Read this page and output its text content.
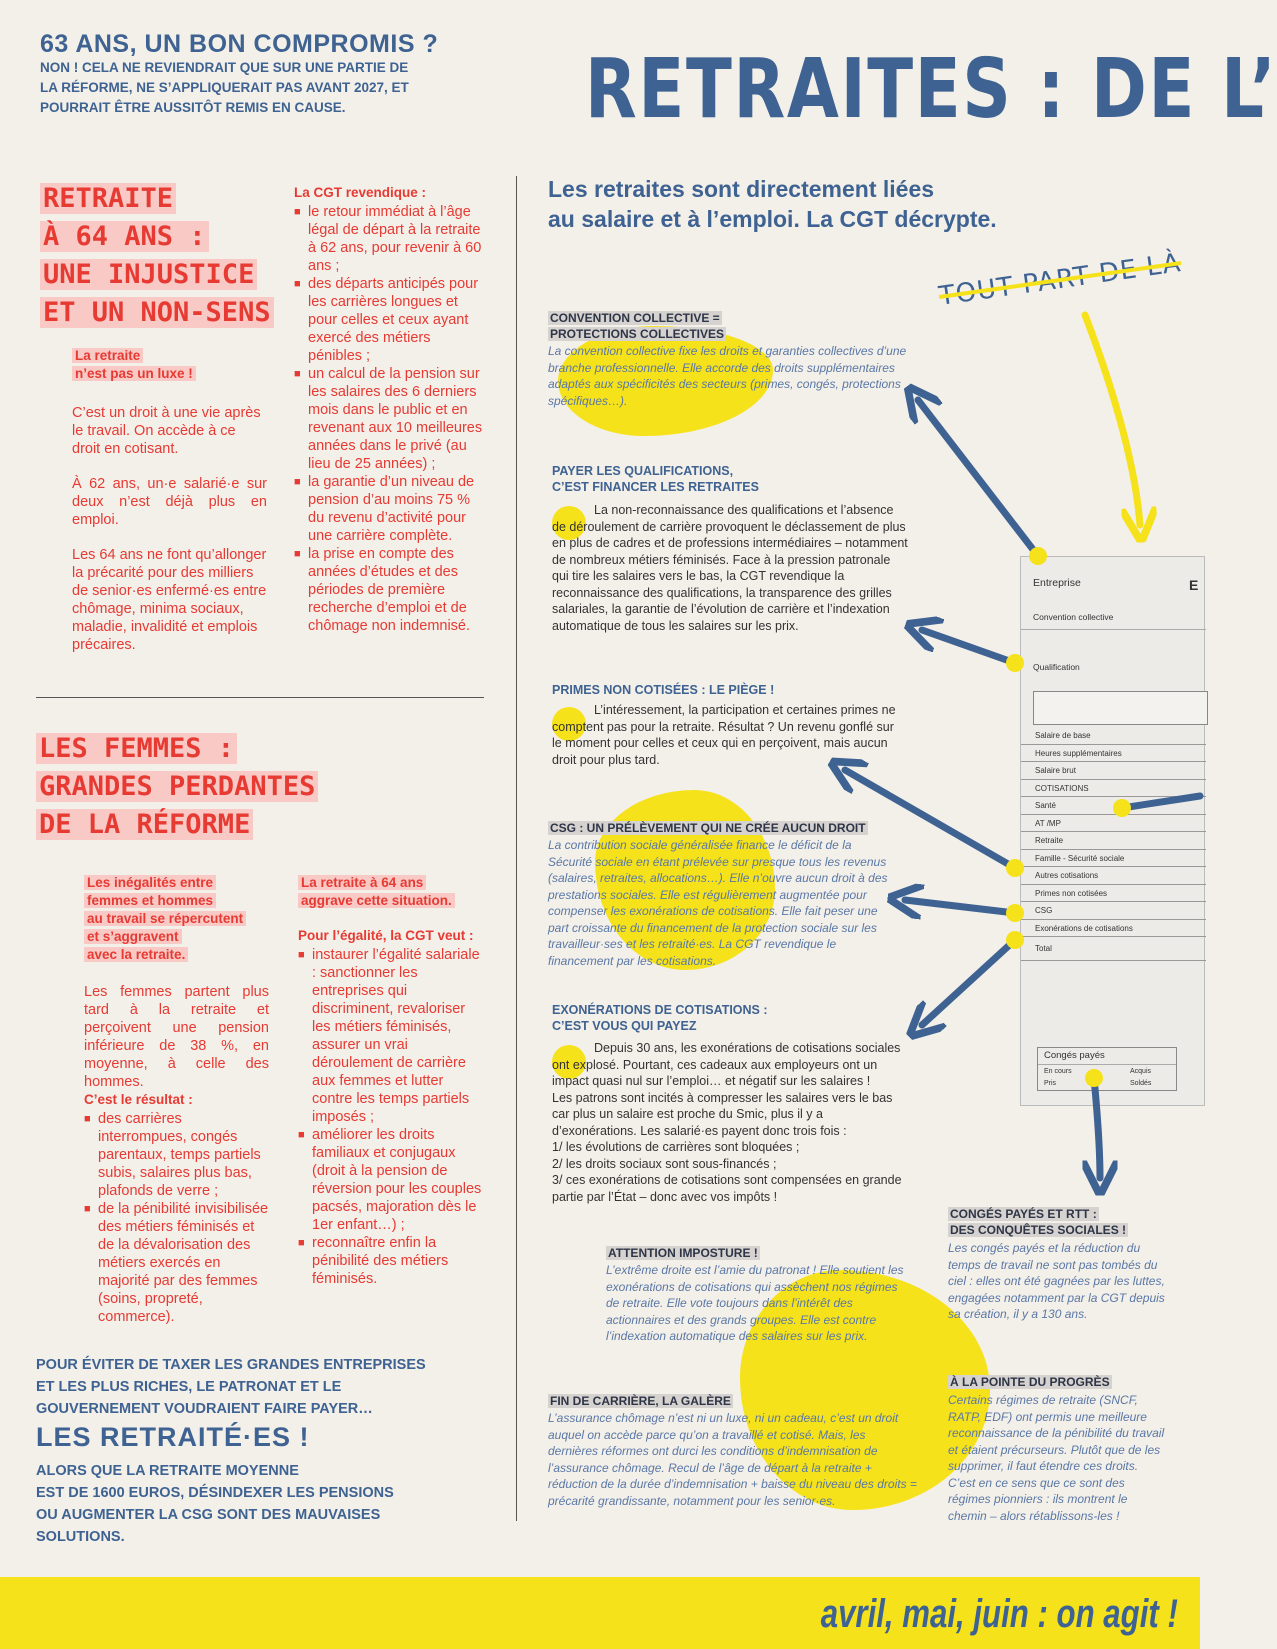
63 ANS, UN BON COMPROMIS ?

NON ! CELA NE REVIENDRAIT QUE SUR UNE PARTIE DE
LA RÉFORME, NE S’APPLIQUERAIT PAS AVANT 2027, ET
POURRAIT ÊTRE AUSSITÔT REMIS EN CAUSE.	RETRAITES : DE L’

RETRAITE
À 64 ANS :
UNE INJUSTICE
ET UN NON-SENS

La retraite
n’est pas un luxe !

C’est un droit à une vie après le travail. On accède à ce droit en cotisant.

À 62 ans, un·e salarié·e sur deux n’est déjà plus en emploi.

Les 64 ans ne font qu’allonger la précarité pour des milliers de senior·es enfermé·es entre chômage, minima sociaux, maladie, invalidité et emplois précaires.

La CGT revendique :
■ le retour immédiat à l’âge légal de départ à la retraite à 62 ans, pour revenir à 60 ans ;
■ des départs anticipés pour les carrières longues et pour celles et ceux ayant exercé des métiers pénibles ;
■ un calcul de la pension sur les salaires des 6 derniers mois dans le public et en revenant aux 10 meilleures années dans le privé (au lieu de 25 années) ;
■ la garantie d’un niveau de pension d’au moins 75 % du revenu d’activité pour une carrière complète.
■ la prise en compte des années d’études et des périodes de première recherche d’emploi et de chômage non indemnisé.

LES FEMMES :
GRANDES PERDANTES
DE LA RÉFORME

Les inégalités entre
femmes et hommes
au travail se répercutent
et s’aggravent
avec la retraite.

Les femmes partent plus tard à la retraite et perçoivent une pension inférieure de 38 %, en moyenne, à celle des hommes.

C’est le résultat :
■ des carrières interrompues, congés parentaux, temps partiels subis, salaires plus bas, plafonds de verre ;
■ de la pénibilité invisibilisée des métiers féminisés et de la dévalorisation des métiers exercés en majorité par des femmes (soins, propreté, commerce).

La retraite à 64 ans
aggrave cette situation.

Pour l’égalité, la CGT veut :
■ instaurer l’égalité salariale : sanctionner les entreprises qui discriminent, revaloriser les métiers féminisés, assurer un vrai déroulement de carrière aux femmes et lutter contre les temps partiels imposés ;
■ améliorer les droits familiaux et conjugaux (droit à la pension de réversion pour les couples pacsés, majoration dès le 1er enfant…) ;
■ reconnaître enfin la pénibilité des métiers féminisés.

POUR ÉVITER DE TAXER LES GRANDES ENTREPRISES
ET LES PLUS RICHES, LE PATRONAT ET LE
GOUVERNEMENT VOUDRAIENT FAIRE PAYER…

LES RETRAITÉ·ES !

ALORS QUE LA RETRAITE MOYENNE
EST DE 1600 EUROS, DÉSINDEXER LES PENSIONS
OU AUGMENTER LA CSG SONT DES MAUVAISES
SOLUTIONS.

Les retraites sont directement liées
au salaire et à l’emploi. La CGT décrypte.

TOUT PART DE LÀ

CONVENTION COLLECTIVE =
PROTECTIONS COLLECTIVES

La convention collective fixe les droits et garanties collectives d’une branche professionnelle. Elle accorde des droits supplémentaires adaptés aux spécificités des secteurs (primes, congés, protections spécifiques…).

PAYER LES QUALIFICATIONS,
C’EST FINANCER LES RETRAITES

La non-reconnaissance des qualifications et l’absence de déroulement de carrière provoquent le déclassement de plus en plus de cadres et de professions intermédiaires – notamment de nombreux métiers féminisés. Face à la pression patronale qui tire les salaires vers le bas, la CGT revendique la reconnaissance des qualifications, la transparence des grilles salariales, la garantie de l’évolution de carrière et l’indexation automatique de tous les salaires sur les prix.

PRIMES NON COTISÉES : LE PIÈGE !

L’intéressement, la participation et certaines primes ne comptent pas pour la retraite. Résultat ? Un revenu gonflé sur le moment pour celles et ceux qui en perçoivent, mais aucun droit pour plus tard.

CSG : UN PRÉLÈVEMENT QUI NE CRÉE AUCUN DROIT

La contribution sociale généralisée finance le déficit de la Sécurité sociale en étant prélevée sur presque tous les revenus (salaires, retraites, allocations…). Elle n’ouvre aucun droit à des prestations sociales. Elle est régulièrement augmentée pour compenser les exonérations de cotisations. Elle fait peser une part croissante du financement de la protection sociale sur les travailleur·ses et les retraité·es. La CGT revendique le financement par les cotisations.

EXONÉRATIONS DE COTISATIONS :
C’EST VOUS QUI PAYEZ

Depuis 30 ans, les exonérations de cotisations sociales ont explosé. Pourtant, ces cadeaux aux employeurs ont un impact quasi nul sur l’emploi… et négatif sur les salaires !
Les patrons sont incités à compresser les salaires vers le bas car plus un salaire est proche du Smic, plus il y a d’exonérations. Les salarié·es payent donc trois fois :
1/ les évolutions de carrières sont bloquées ;
2/ les droits sociaux sont sous-financés ;
3/ ces exonérations de cotisations sont compensées en grande partie par l’État – donc avec vos impôts !

ATTENTION IMPOSTURE !

L’extrême droite est l’amie du patronat ! Elle soutient les exonérations de cotisations qui assèchent nos régimes de retraite. Elle vote toujours dans l’intérêt des actionnaires et des grands groupes. Elle est contre l’indexation automatique des salaires sur les prix.

FIN DE CARRIÈRE, LA GALÈRE

L’assurance chômage n’est ni un luxe, ni un cadeau, c’est un droit auquel on accède parce qu’on a travaillé et cotisé. Mais, les dernières réformes ont durci les conditions d’indemnisation de l’assurance chômage. Recul de l’âge de départ à la retraite + réduction de la durée d’indemnisation + baisse du niveau des droits = précarité grandissante, notamment pour les senior·es.

CONGÉS PAYÉS ET RTT :
DES CONQUÊTES SOCIALES !

Les congés payés et la réduction du temps de travail ne sont pas tombés du ciel : elles ont été gagnées par les luttes, engagées notamment par la CGT depuis sa création, il y a 130 ans.

À LA POINTE DU PROGRÈS

Certains régimes de retraite (SNCF, RATP, EDF) ont permis une meilleure reconnaissance de la pénibilité du travail et étaient précurseurs. Plutôt que de les supprimer, il faut étendre ces droits. C’est en ce sens que ce sont des régimes pionniers : ils montrent le chemin – alors rétablissons-les !

Entreprise	E
Convention collective
Qualification
Salaire de base
Heures supplémentaires
Salaire brut
COTISATIONS
Santé
AT /MP
Retraite
Famille - Sécurité sociale
Autres cotisations
Primes non cotisées
CSG
Exonérations de cotisations
Total
Congés payés
En cours	Acquis
Pris	Soldés
avril, mai, juin : on agit !
